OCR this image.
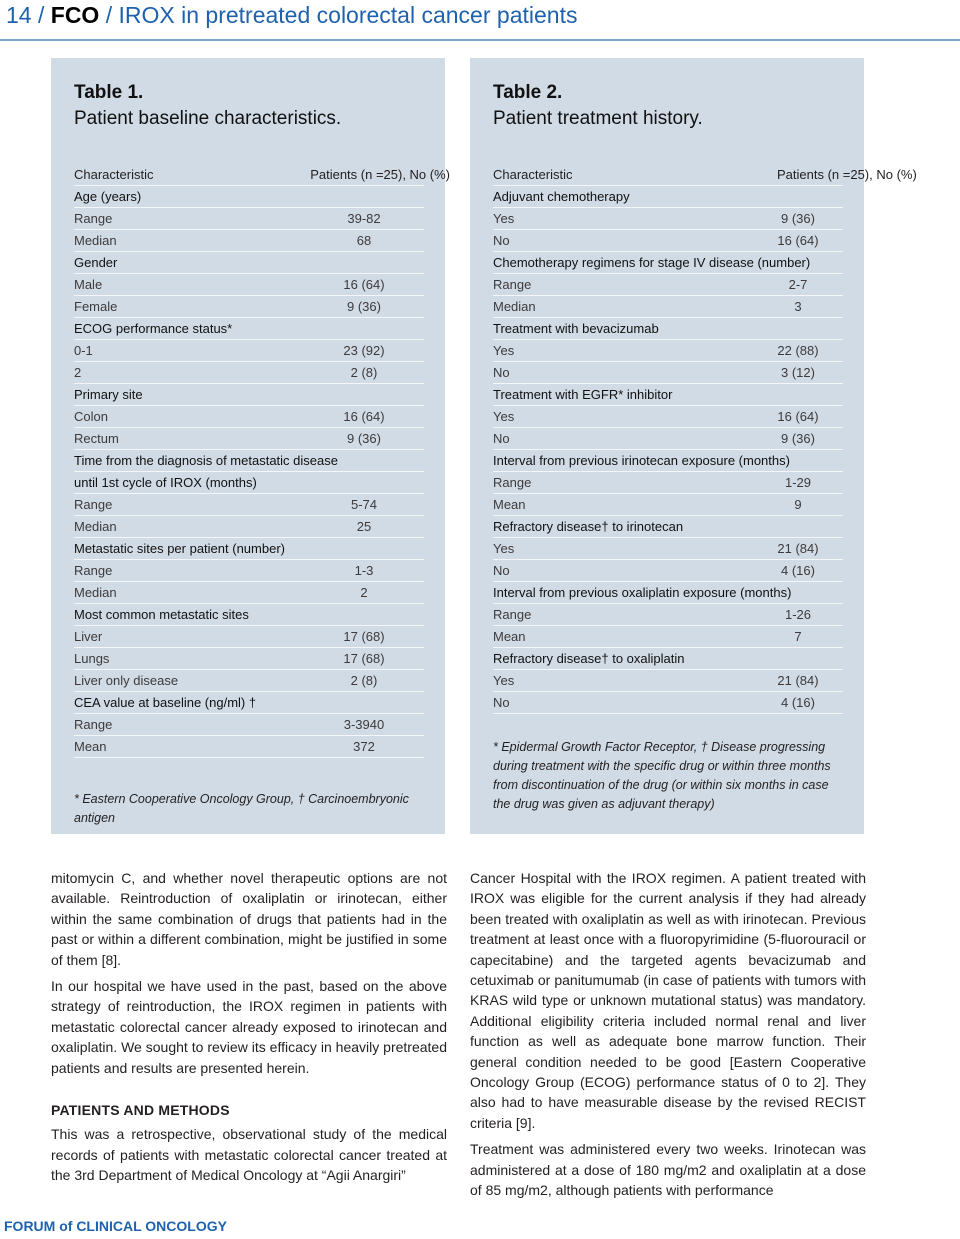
14 / FCO / IROX in pretreated colorectal cancer patients
Table 1.
Patient baseline characteristics.
Characteristic	Patients (n =25), No (%)
Age (years)
Range	39-82
Median	68
Gender
Male	16 (64)
Female	9 (36)
ECOG performance status*
0-1	23 (92)
2	2 (8)
Primary site
Colon	16 (64)
Rectum	9 (36)
Time from the diagnosis of metastatic disease
until 1st cycle of IROX (months)
Range	5-74
Median	25
Metastatic sites per patient (number)
Range	1-3
Median	2
Most common metastatic sites
Liver	17 (68)
Lungs	17 (68)
Liver only disease	2 (8)
CEA value at baseline (ng/ml) †
Range	3-3940
Mean	372
* Eastern Cooperative Oncology Group, † Carcinoembryonic antigen
Table 2.
Patient treatment history.
Characteristic	Patients (n =25), No (%)
Adjuvant chemotherapy
Yes	9 (36)
No	16 (64)
Chemotherapy regimens for stage IV disease (number)
Range	2-7
Median	3
Treatment with bevacizumab
Yes	22 (88)
No	3 (12)
Treatment with EGFR* inhibitor
Yes	16 (64)
No	9 (36)
Interval from previous irinotecan exposure (months)
Range	1-29
Mean	9
Refractory disease† to irinotecan
Yes	21 (84)
No	4 (16)
Interval from previous oxaliplatin exposure (months)
Range	1-26
Mean	7
Refractory disease† to oxaliplatin
Yes	21 (84)
No	4 (16)
* Epidermal Growth Factor Receptor, † Disease progressing during treatment with the specific drug or within three months from discontinuation of the drug (or within six months in case the drug was given as adjuvant therapy)

mitomycin C, and whether novel therapeutic options are not available. Reintroduction of oxaliplatin or irinotecan, either within the same combination of drugs that patients had in the past or within a different combination, might be justified in some of them [8].

In our hospital we have used in the past, based on the above strategy of reintroduction, the IROX regimen in patients with metastatic colorectal cancer already exposed to irinotecan and oxaliplatin. We sought to review its efficacy in heavily pretreated patients and results are presented herein.

PATIENTS AND METHODS

This was a retrospective, observational study of the medical records of patients with metastatic colorectal cancer treated at the 3rd Department of Medical Oncology at “Agii Anargiri”

Cancer Hospital with the IROX regimen. A patient treated with IROX was eligible for the current analysis if they had already been treated with oxaliplatin as well as with irinotecan. Previous treatment at least once with a fluoropyrimidine (5-fluorouracil or capecitabine) and the targeted agents bevacizumab and cetuximab or panitumumab (in case of patients with tumors with KRAS wild type or unknown mutational status) was mandatory. Additional eligibility criteria included normal renal and liver function as well as adequate bone marrow function. Their general condition needed to be good [Eastern Cooperative Oncology Group (ECOG) performance status of 0 to 2]. They also had to have measurable disease by the revised RECIST criteria [9].

Treatment was administered every two weeks. Irinotecan was administered at a dose of 180 mg/m2 and oxaliplatin at a dose of 85 mg/m2, although patients with performance

FORUM of CLINICAL ONCOLOGY
